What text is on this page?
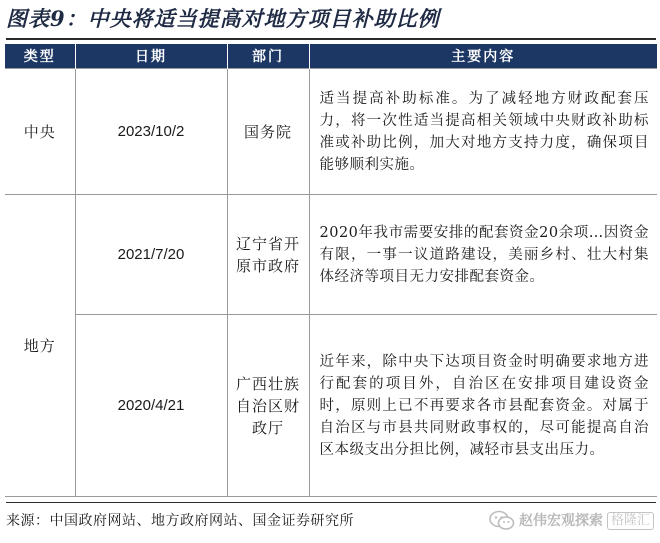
图表9：中央将适当提高对地方项目补助比例
类型	日期	部门	主要内容
中央	2023/10/2	国务院	适当提高补助标准。为了减轻地方财政配套压力，将一次性适当提高相关领域中央财政补助标准或补助比例，加大对地方支持力度，确保项目能够顺利实施。

地方	2021/7/20	辽宁省开原市政府	2020年我市需要安排的配套资金20余项…因资金有限，一事一议道路建设，美丽乡村、壮大村集体经济等项目无力安排配套资金。

	2020/4/21	广西壮族自治区财政厅	近年来，除中央下达项目资金时明确要求地方进行配套的项目外，自治区在安排项目建设资金时，原则上已不再要求各市县配套资金。对属于自治区与市县共同财政事权的，尽可能提高自治区本级支出分担比例，减轻市县支出压力。
来源：中国政府网站、地方政府网站、国金证券研究所	赵伟宏观探索 格隆汇
